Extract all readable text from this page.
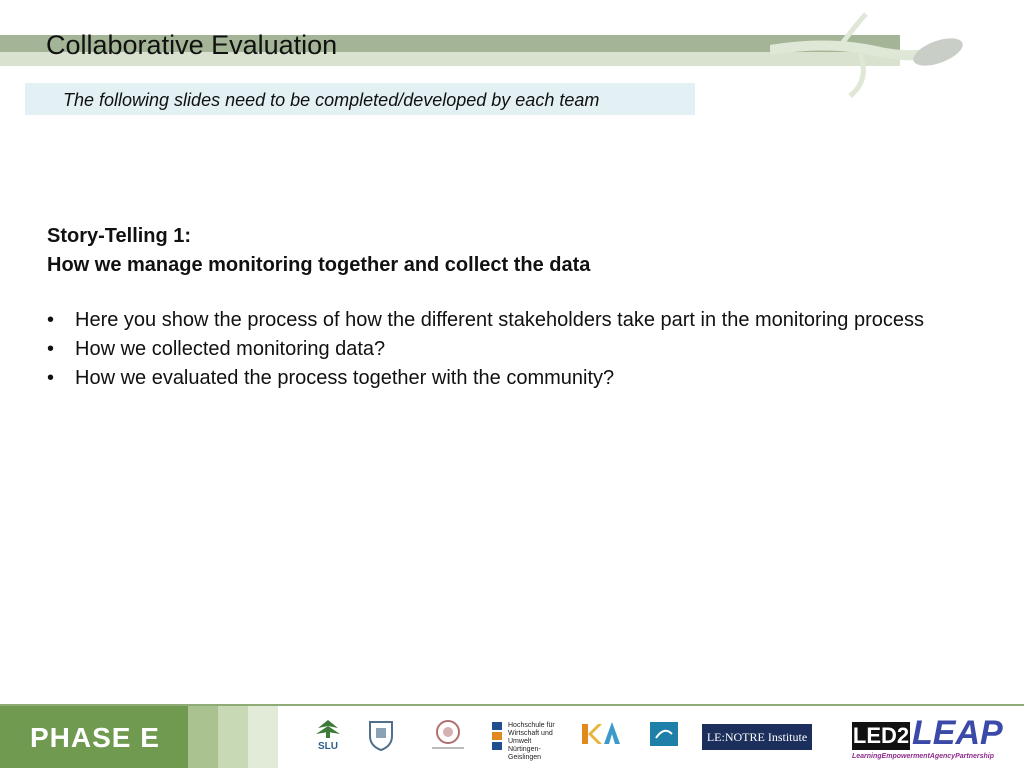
Collaborative Evaluation
The following slides need to be completed/developed by each team
Story-Telling 1:
How we manage monitoring together and collect the data
• Here you show the process of how the different stakeholders take part in the monitoring process
• How we collected monitoring data?
• How we evaluated the process together with the community?
PHASE E	SLU
Hochschule für Wirtschaft und Umwelt Nürtingen-Geislingen
LE:NOTRE Institute LED2 LEAP
LearningEmpowermentAgencyPartnership
